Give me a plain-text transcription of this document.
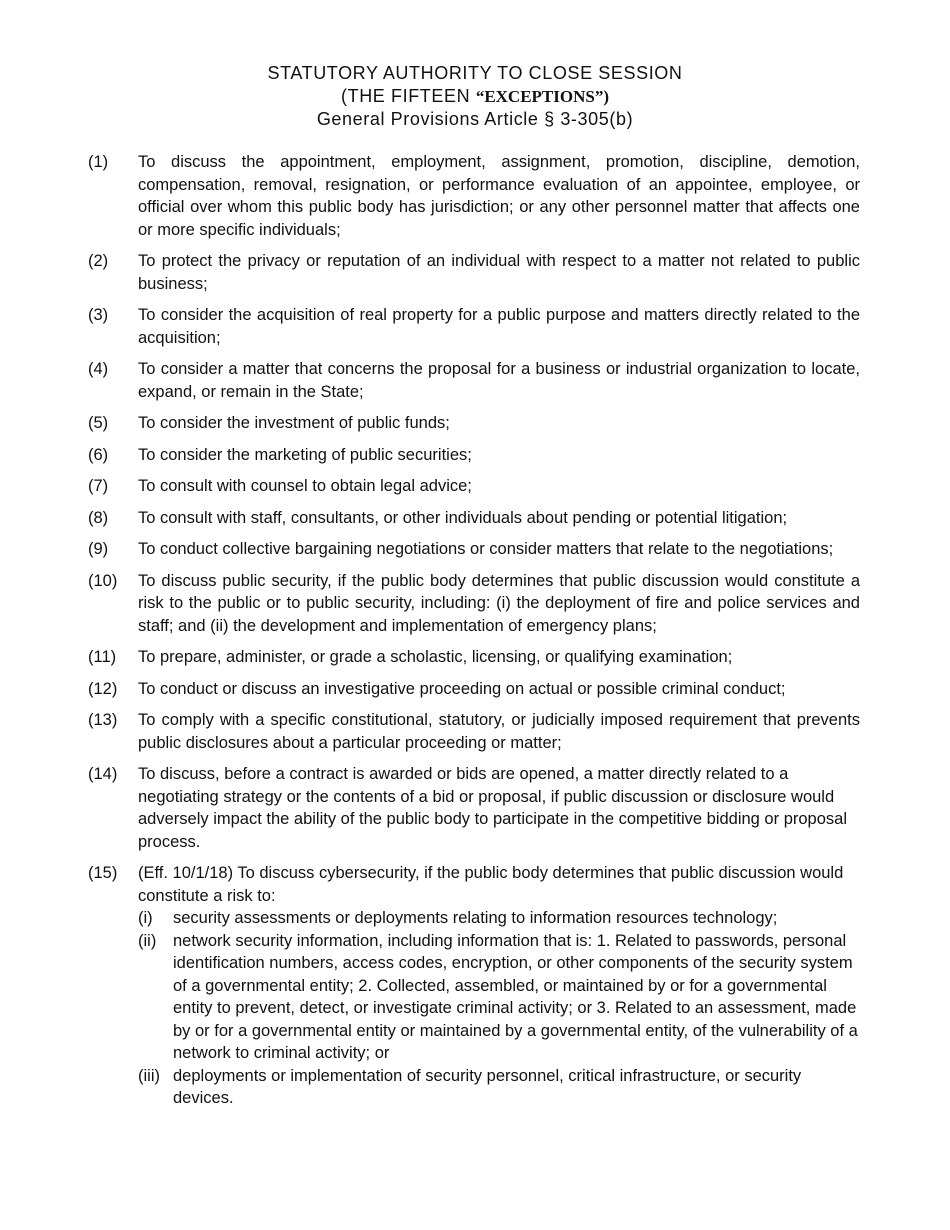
STATUTORY AUTHORITY TO CLOSE SESSION
(THE FIFTEEN “EXCEPTIONS”)
General Provisions Article § 3-305(b)
(1)	To discuss the appointment, employment, assignment, promotion, discipline, demotion, compensation, removal, resignation, or performance evaluation of an appointee, employee, or official over whom this public body has jurisdiction; or any other personnel matter that affects one or more specific individuals;
(2)	To protect the privacy or reputation of an individual with respect to a matter not related to public business;
(3)	To consider the acquisition of real property for a public purpose and matters directly related to the acquisition;
(4)	To consider a matter that concerns the proposal for a business or industrial organization to locate, expand, or remain in the State;
(5)	To consider the investment of public funds;
(6)	To consider the marketing of public securities;
(7)	To consult with counsel to obtain legal advice;
(8)	To consult with staff, consultants, or other individuals about pending or potential litigation;
(9)	To conduct collective bargaining negotiations or consider matters that relate to the negotiations;
(10)	To discuss public security, if the public body determines that public discussion would constitute a risk to the public or to public security, including: (i) the deployment of fire and police services and staff; and (ii) the development and implementation of emergency plans;
(11)	To prepare, administer, or grade a scholastic, licensing, or qualifying examination;
(12)	To conduct or discuss an investigative proceeding on actual or possible criminal conduct;
(13)	To comply with a specific constitutional, statutory, or judicially imposed requirement that prevents public disclosures about a particular proceeding or matter;
(14)	To discuss, before a contract is awarded or bids are opened, a matter directly related to a negotiating strategy or the contents of a bid or proposal, if public discussion or disclosure would adversely impact the ability of the public body to participate in the competitive bidding or proposal process.
(15)	(Eff. 10/1/18) To discuss cybersecurity, if the public body determines that public discussion would constitute a risk to:
(i)	security assessments or deployments relating to information resources technology;
(ii)	network security information, including information that is: 1. Related to passwords, personal identification numbers, access codes, encryption, or other components of the security system of a governmental entity; 2. Collected, assembled, or maintained by or for a governmental entity to prevent, detect, or investigate criminal activity; or 3. Related to an assessment, made by or for a governmental entity or maintained by a governmental entity, of the vulnerability of a network to criminal activity; or
(iii) deployments or implementation of security personnel, critical infrastructure, or security devices.
